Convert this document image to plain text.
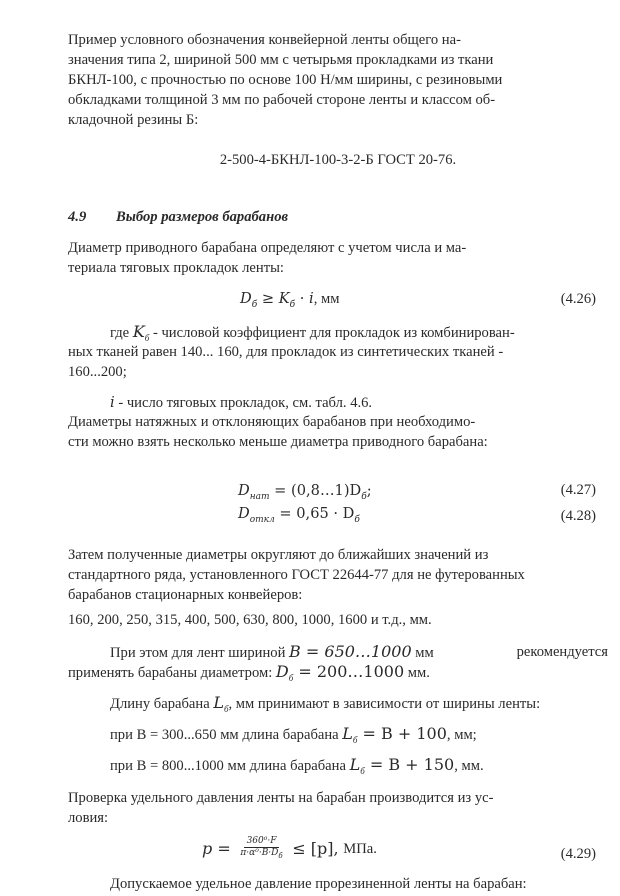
Пример условного обозначения конвейерной ленты общего на-
значения типа 2, шириной 500 мм с четырьмя прокладками из ткани
БКНЛ-100, с прочностью по основе 100 Н/мм ширины, с резиновыми
обкладками толщиной 3 мм по рабочей стороне ленты и классом об-
кладочной резины Б:
2-500-4-БКНЛ-100-3-2-Б ГОСТ 20-76.
4.9 Выбор размеров барабанов
Диаметр приводного барабана определяют с учетом числа и ма-
териала тяговых прокладок ленты:
$D_б \ge K_б \cdot i$, мм	(4.26)
где $K_б$ - числовой коэффициент для прокладок из комбинирован-
ных тканей равен 140... 160, для прокладок из синтетических тканей -
160...200;
i - число тяговых прокладок, см. табл. 4.6.
Диаметры натяжных и отклоняющих барабанов при необходимо-
сти можно взять несколько меньше диаметра приводного барабана:
$D_{нат}$ = $(0,8\dots 1)D_б$;	(4.27)
$D_{откл} = 0,65 \cdot D_б$	(4.28)
Затем полученные диаметры округляют до ближайших значений из
стандартного ряда, установленного ГОСТ 22644-77 для не футерованных
барабанов стационарных конвейеров:
160, 200, 250, 315, 400, 500, 630, 800, 1000, 1600 и т.д., мм.
При этом для лент шириной B = 650…1000 мм	рекомендуется
применять барабаны диаметром: $D_б$ = 200…1000 мм.
Длину барабана $L_б$, мм принимают в зависимости от ширины ленты:
при B = 300...650 мм длина барабана $L_б = B + 100$, мм;
при B = 800...1000 мм длина барабана $L_б = B + 150$, мм.
Проверка удельного давления ленты на барабан производится из ус-
ловия:
$p = \frac{\text{360⁰·F}}{\pi\cdot\alpha^0\cdot B\cdot D_б} \le [p]$, МПа.	(4.29)
Допускаемое удельное давление прорезиненной ленты на барабан:
